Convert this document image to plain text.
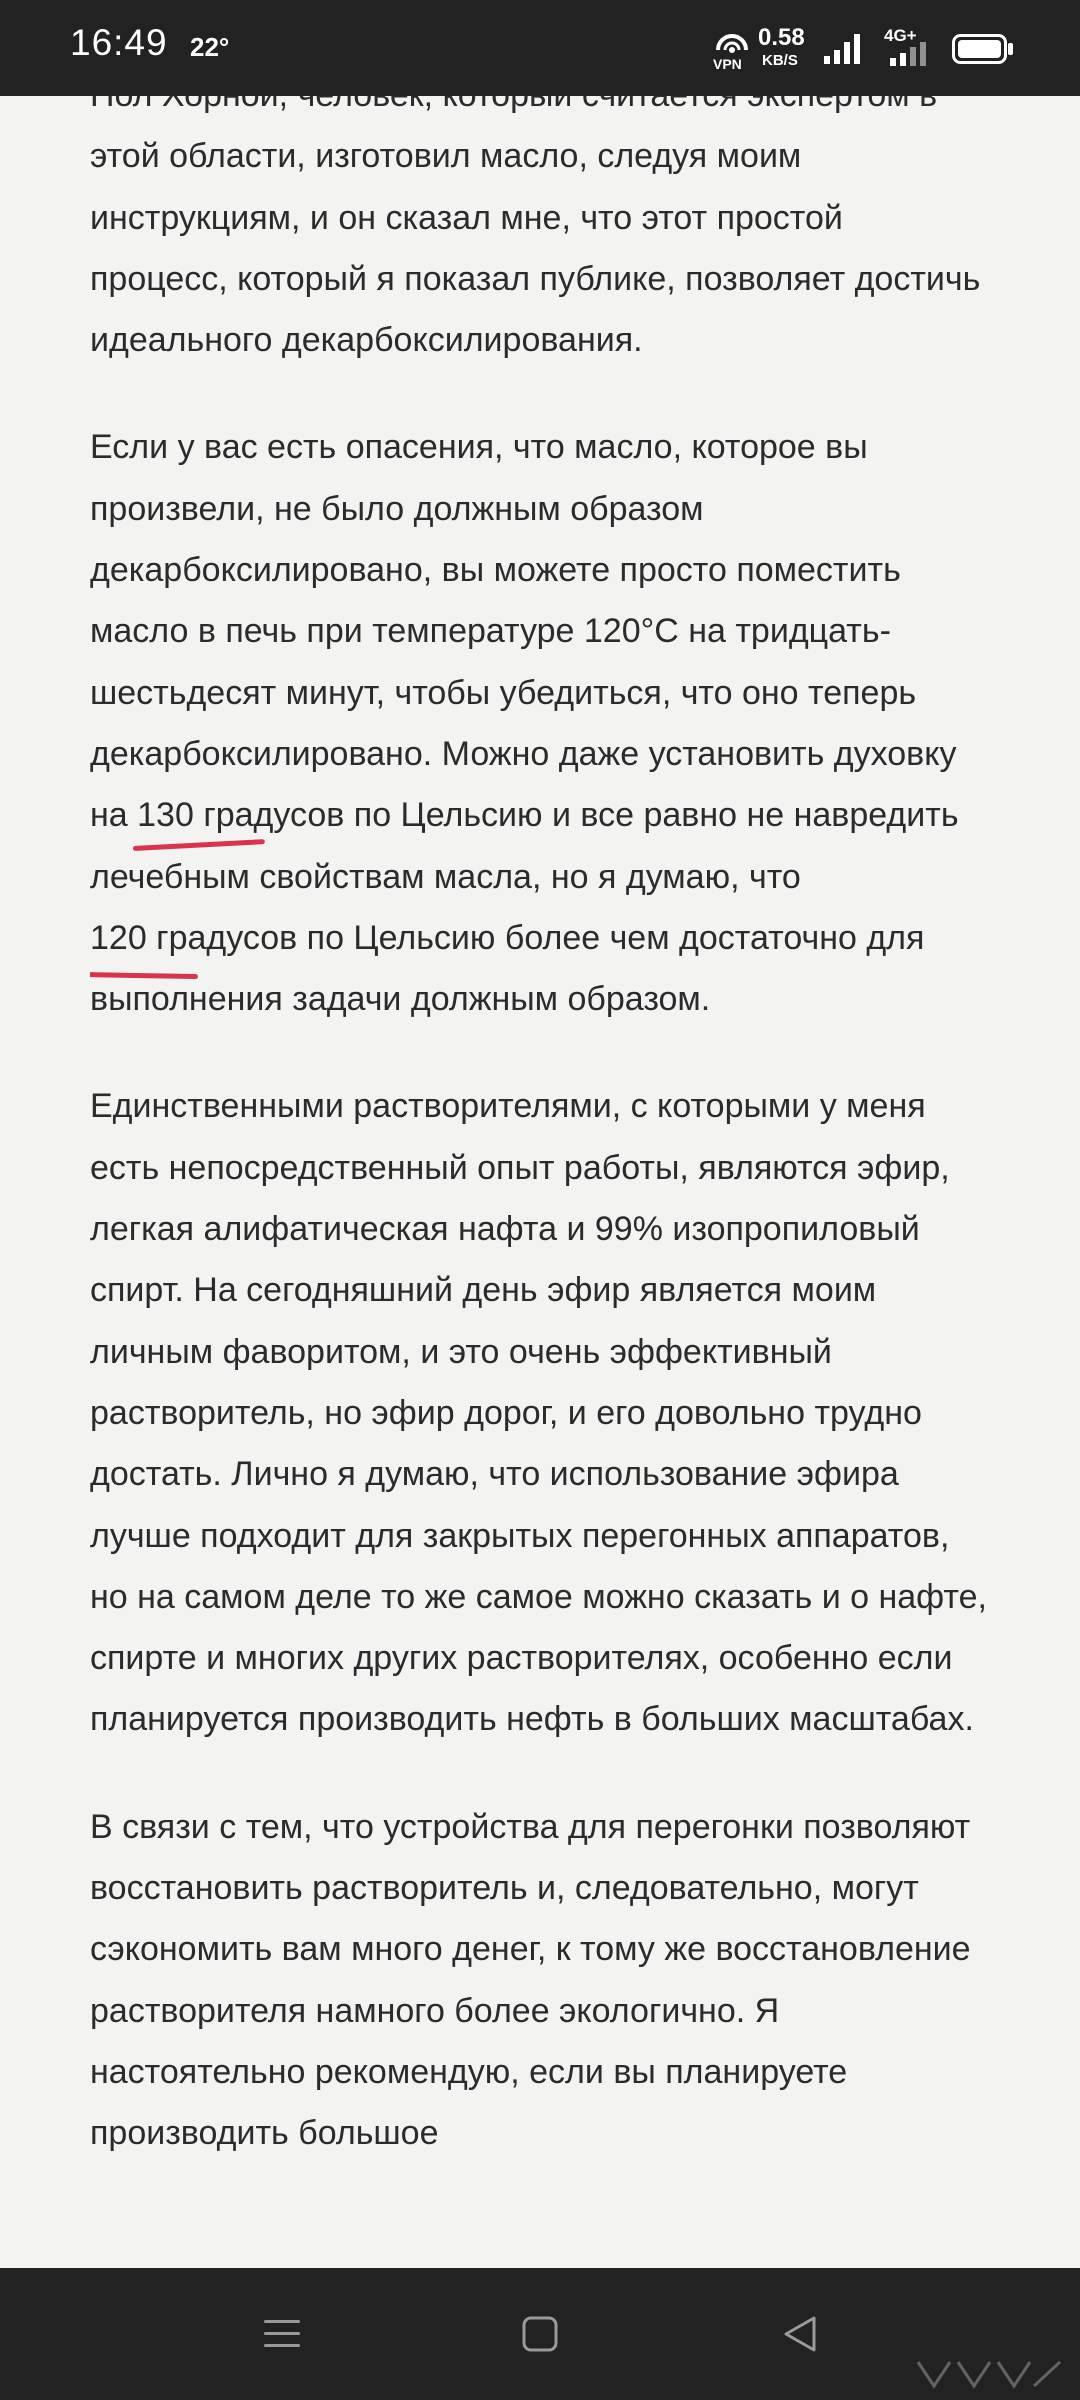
16:49 22°
VPN
0.58
KB/S
4G+

этой области, изготовил масло, следуя моим инструкциям, и он сказал мне, что этот простой процесс, который я показал публике, позволяет достичь идеального декарбоксилирования.

Если у вас есть опасения, что масло, которое вы произвели, не было должным образом декарбоксилировано, вы можете просто поместить масло в печь при температуре 120°C на тридцать-шестьдесят минут, чтобы убедиться, что оно теперь декарбоксилировано. Можно даже установить духовку на 130 град
усов по Цельсию и все равно не навредить лечебным свойствам масла, но я думаю, что 120 градусов
по Цельсию более чем достаточно для выполнения задачи должным образом.

Единственными растворителями, с которыми у меня есть непосредственный опыт работы, являются эфир, легкая алифатическая нафта и 99% изопропиловый спирт. На сегодняшний день эфир является моим личным фаворитом, и это очень эффективный растворитель, но эфир дорог, и его довольно трудно достать. Лично я думаю, что использование эфира лучше подходит для закрытых перегонных аппаратов, но на самом деле то же самое можно сказать и о нафте, спирте и многих других растворителях, особенно если планируется производить нефть в больших масштабах.

В связи с тем, что устройства для перегонки позволяют восстановить растворитель и, следовательно, могут сэкономить вам много денег, к тому же восстановление растворителя намного более экологично. Я настоятельно рекомендую, если вы планируете производить большое
